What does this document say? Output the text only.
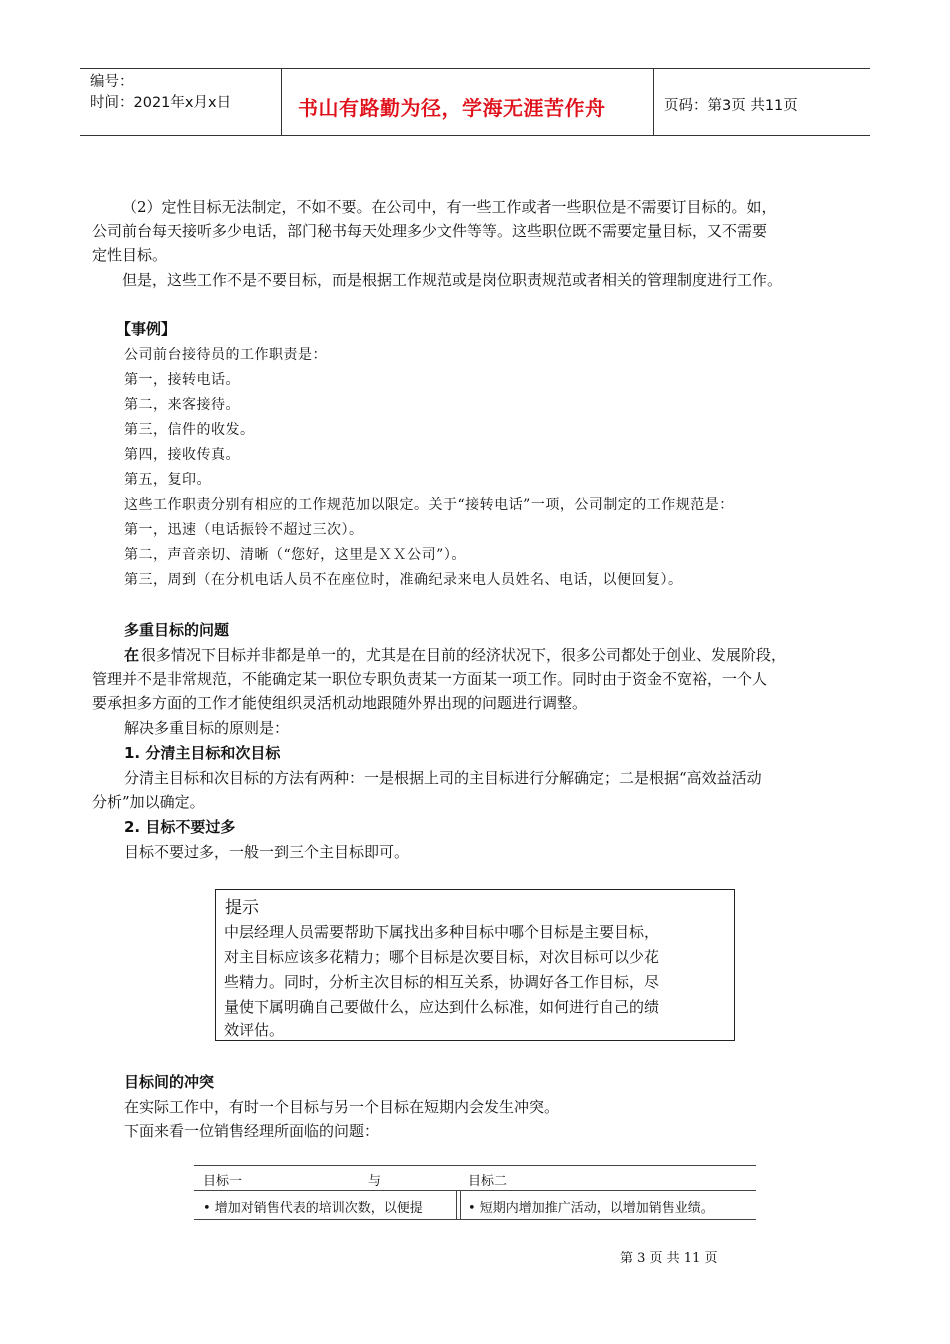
编号：
时间：2021年x月x日	书山有路勤为径，学海无涯苦作舟	页码：第3页 共11页
（2）定性目标无法制定，不如不要。在公司中，有一些工作或者一些职位是不需要订目标的。如，
公司前台每天接听多少电话，部门秘书每天处理多少文件等等。这些职位既不需要定量目标，又不需要
定性目标。
但是，这些工作不是不要目标，而是根据工作规范或是岗位职责规范或者相关的管理制度进行工作。
【事例】
公司前台接待员的工作职责是：
第一，接转电话。
第二，来客接待。
第三，信件的收发。
第四，接收传真。
第五，复印。
这些工作职责分别有相应的工作规范加以限定。关于“接转电话”一项，公司制定的工作规范是：
第一，迅速（电话振铃不超过三次）。
第二，声音亲切、清晰（“您好，这里是ＸＸ公司”）。
第三，周到（在分机电话人员不在座位时，准确纪录来电人员姓名、电话，以便回复）。
多重目标的问题
在 很多情况下目标并非都是单一的，尤其是在目前的经济状况下，很多公司都处于创业、发展阶段，
管理并不是非常规范，不能确定某一职位专职负责某一方面某一项工作。同时由于资金不宽裕，一个人
要承担多方面的工作才能使组织灵活机动地跟随外界出现的问题进行调整。
解决多重目标的原则是：
1. 分清主目标和次目标
分清主目标和次目标的方法有两种：一是根据上司的主目标进行分解确定；二是根据“高效益活动
分析”加以确定。
2. 目标不要过多
目标不要过多，一般一到三个主目标即可。
提示
中层经理人员需要帮助下属找出多种目标中哪个目标是主要目标，
对主目标应该多花精力；哪个目标是次要目标，对次目标可以少花
些精力。同时，分析主次目标的相互关系，协调好各工作目标，尽
量使下属明确自己要做什么，应达到什么标准，如何进行自己的绩
效评估。
目标间的冲突
在实际工作中，有时一个目标与另一个目标在短期内会发生冲突。
下面来看一位销售经理所面临的问题：
目标一	与	目标二
• 增加对销售代表的培训次数，以便提	• 短期内增加推广活动，以增加销售业绩。
第 3 页 共 11 页
